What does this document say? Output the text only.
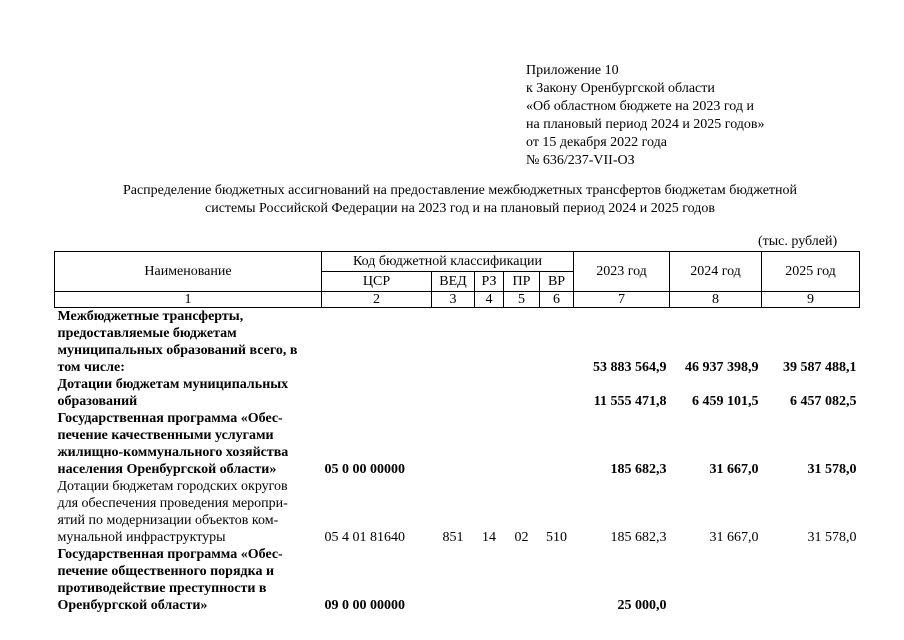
Приложение 10
к Закону Оренбургской области
«Об областном бюджете на 2023 год и
на плановый период 2024 и 2025 годов»
от 15 декабря 2022 года
№ 636/237-VII-ОЗ
Распределение бюджетных ассигнований на предоставление межбюджетных трансфертов бюджетам бюджетной
системы Российской Федерации на 2023 год и на плановый период 2024 и 2025 годов
(тыс. рублей)
Наименование	Код бюджетной классификации					2023 год	2024 год	2025 год
	ЦСР	ВЕД	РЗ	ПР	ВР			
1	2	3	4	5	6	7	8	9

Межбюджетные трансферты, предоставляемые бюджетам
муниципальных образований всего, в том числе:						53 883 564,9	46 937 398,9	39 587 488,1

Дотации бюджетам муниципальных
образований						11 555 471,8	6 459 101,5	6 457 082,5

Государственная программа «Обес-
печение качественными услугами
жилищно-коммунального хозяйства
населения Оренбургской области»	05 0 00 00000					185 682,3	31 667,0	31 578,0

Дотации бюджетам городских округов
для обеспечения проведения меропри-
ятий по модернизации объектов ком-
мунальной инфраструктуры	05 4 01 81640	851	14	02	510	185 682,3	31 667,0	31 578,0

Государственная программа «Обес-
печение общественного порядка и
противодействие преступности в
Оренбургской области»	09 0 00 00000					25 000,0		
